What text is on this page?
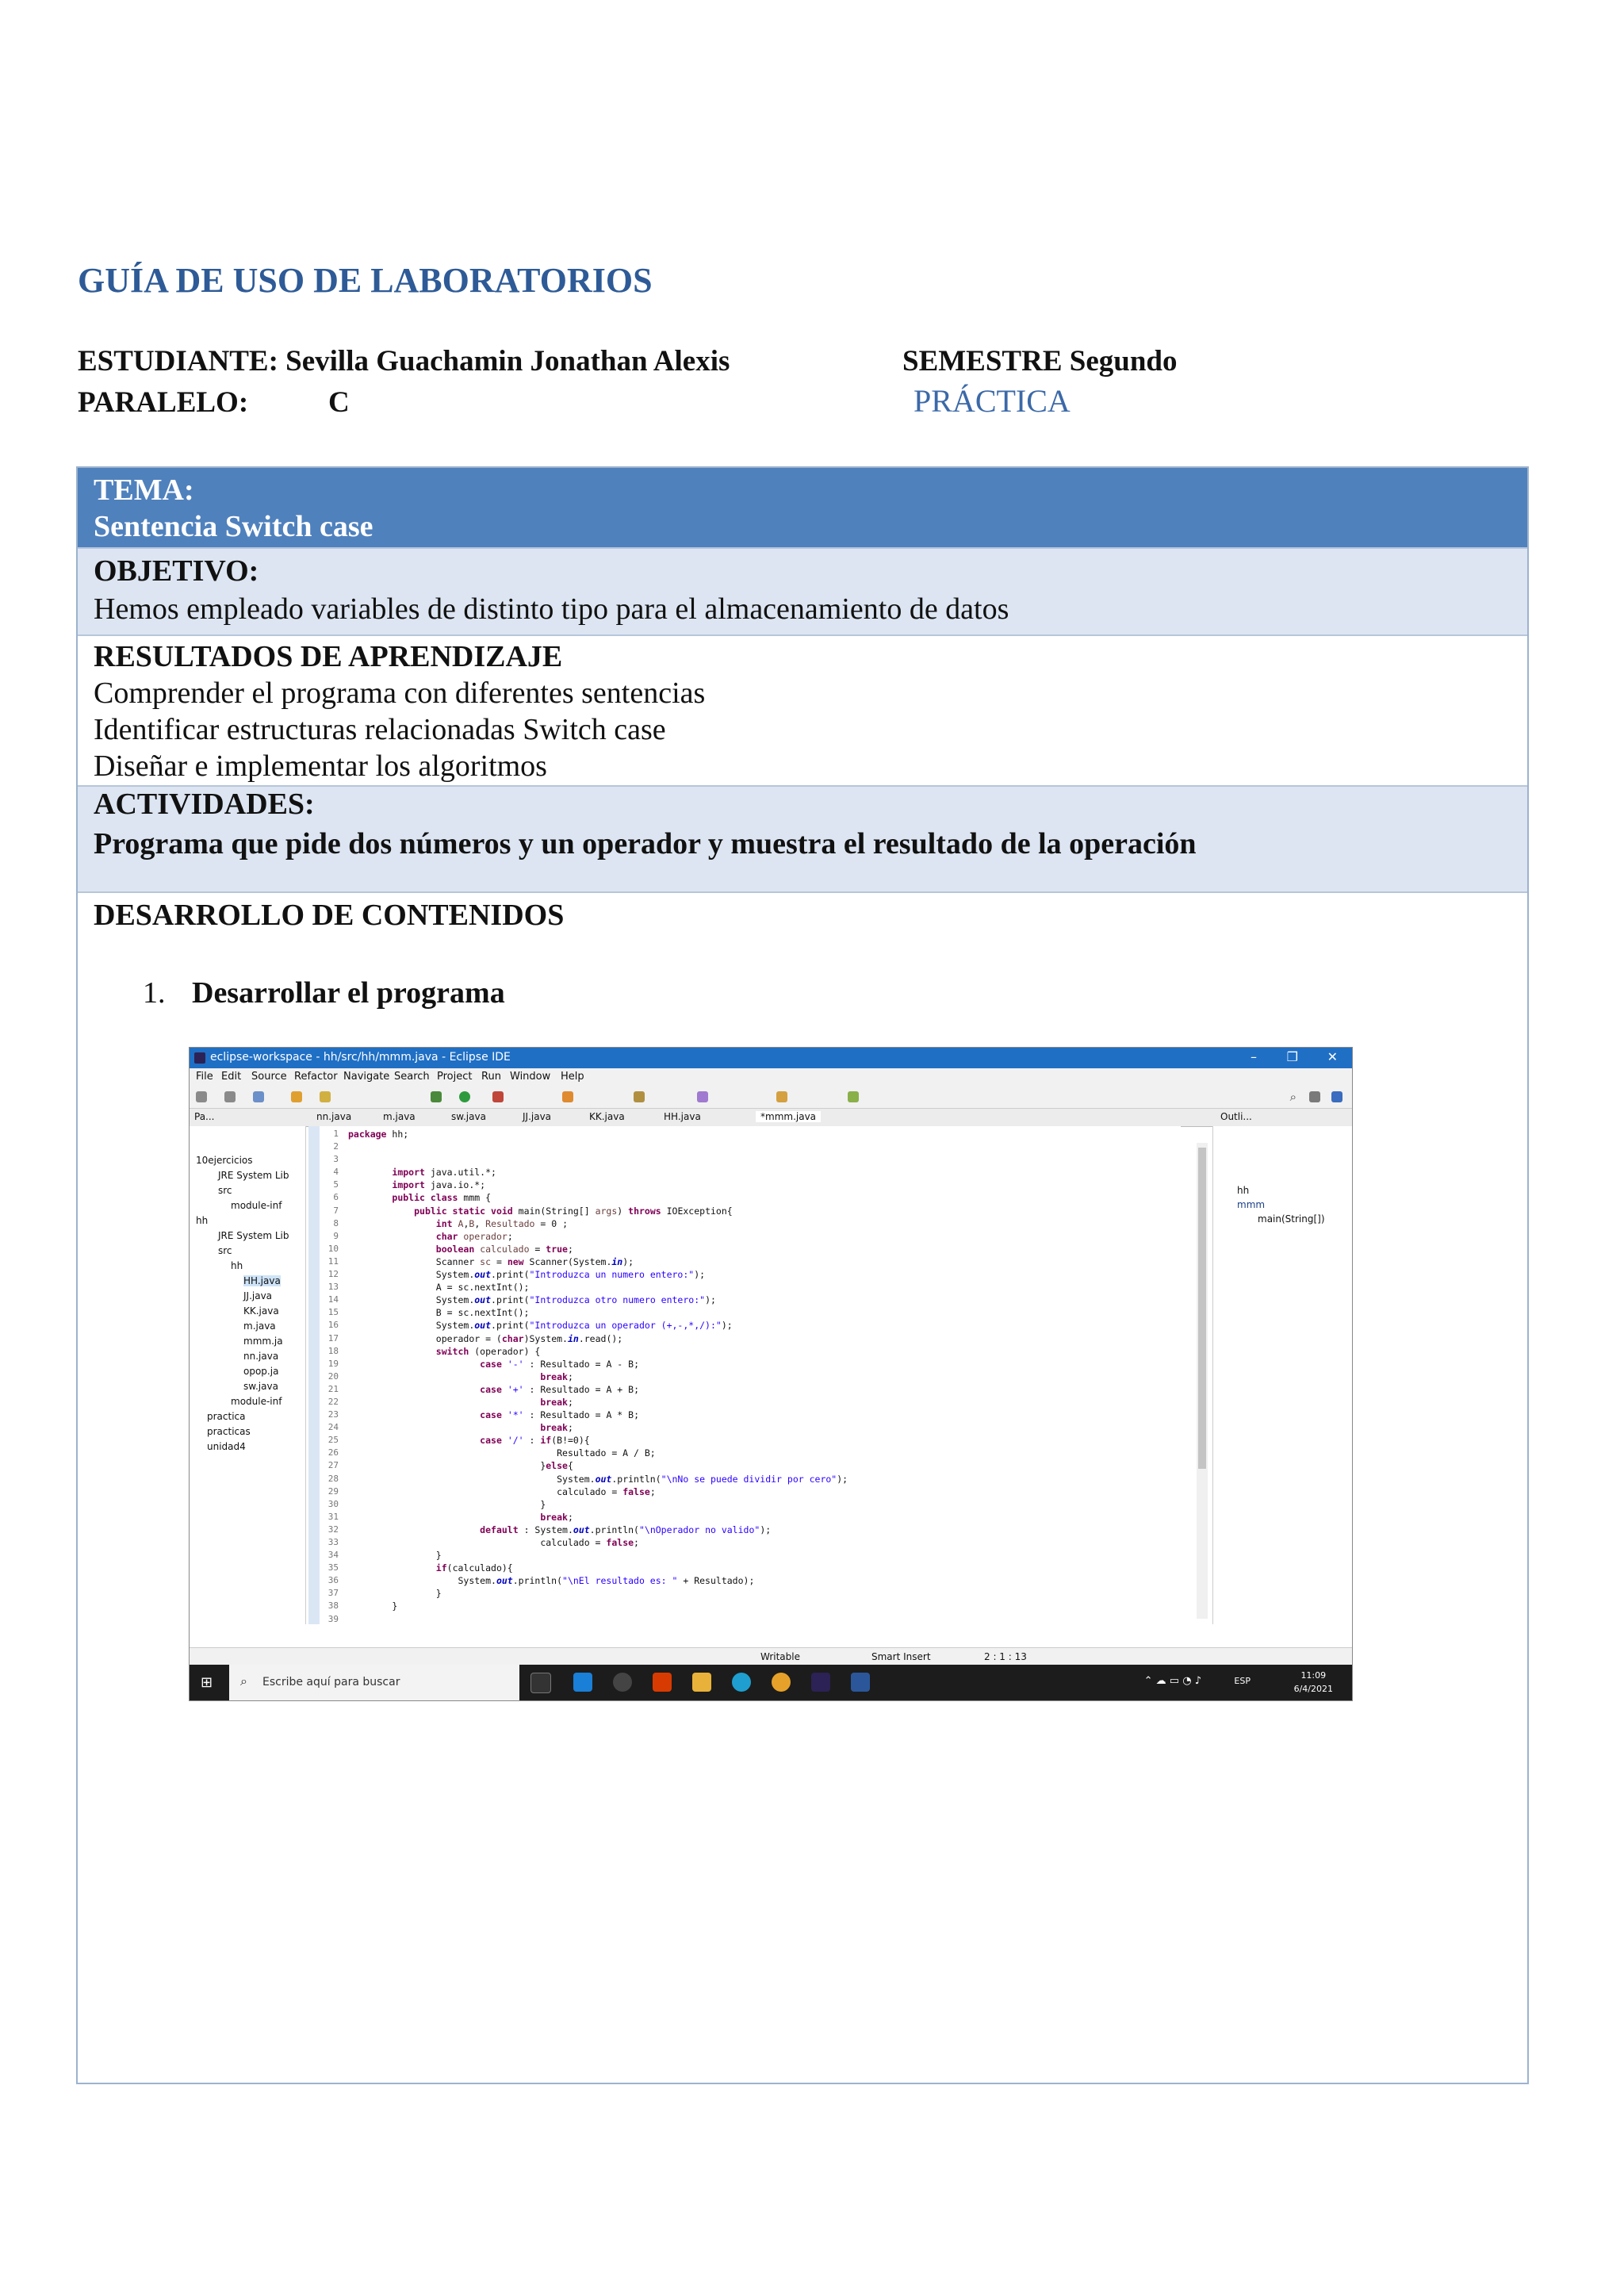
GUÍA DE USO DE LABORATORIOS
ESTUDIANTE: Sevilla Guachamin Jonathan Alexis	SEMESTRE Segundo
PARALELO:	C	PRÁCTICA
TEMA:
Sentencia Switch case
OBJETIVO:
Hemos empleado variables de distinto tipo para el almacenamiento de datos
RESULTADOS DE APRENDIZAJE
Comprender el programa con diferentes sentencias
Identificar estructuras relacionadas Switch case
Diseñar e implementar los algoritmos
ACTIVIDADES:
Programa que pide dos números y un operador y muestra el resultado de la operación
DESARROLLO DE CONTENIDOS
1. Desarrollar el programa
eclipse-workspace - hh/src/hh/mmm.java - Eclipse IDE	– ❐ ✕
File Edit Source Refactor Navigate Search Project Run Window Help
⌕
Pa...	nn.java	m.java	sw.java	JJ.java	KK.java	HH.java	*mmm.java	Outli...
10ejercicios
JRE System Lib
src
module-inf
hh
JRE System Lib
src
hh
HH.java
JJ.java
KK.java
m.java
mmm.ja
nn.java
opop.ja
sw.java
module-inf
practica
practicas
unidad4
1
2
3
4
5
6
7
8
9
10
11
12
13
14
15
16
17
18
19
20
21
22
23
24
25
26
27
28
29
30
31
32
33
34
35
36
37
38
39
package hh;

import java.util.*;
import java.io.*;
public class mmm {
public static void main(String[] args) throws IOException{
int A,B, Resultado = 0 ;
char operador;
boolean calculado = true;
Scanner sc = new Scanner(System.in);
System.out.print("Introduzca un numero entero:");
A = sc.nextInt();
System.out.print("Introduzca otro numero entero:");
B = sc.nextInt();
System.out.print("Introduzca un operador (+,-,*,/):");
operador = (char)System.in.read();
switch (operador) {
case '-' : Resultado = A - B;
break;
case '+' : Resultado = A + B;
break;
case '*' : Resultado = A * B;
break;
case '/' : if(B!=0){
Resultado = A / B;
}else{
System.out.println("\nNo se puede dividir por cero");
calculado = false;
}
break;
default : System.out.println("\nOperador no valido");
calculado = false;
}
if(calculado){
System.out.println("\nEl resultado es: " + Resultado);
}
}

hh
mmm
main(String[])
Writable	Smart Insert	2 : 1 : 13
⊞ ⌕ Escribe aquí para buscar	⌃ ☁ ▭ ◔ ♪	ESP
11:09
6/4/2021
